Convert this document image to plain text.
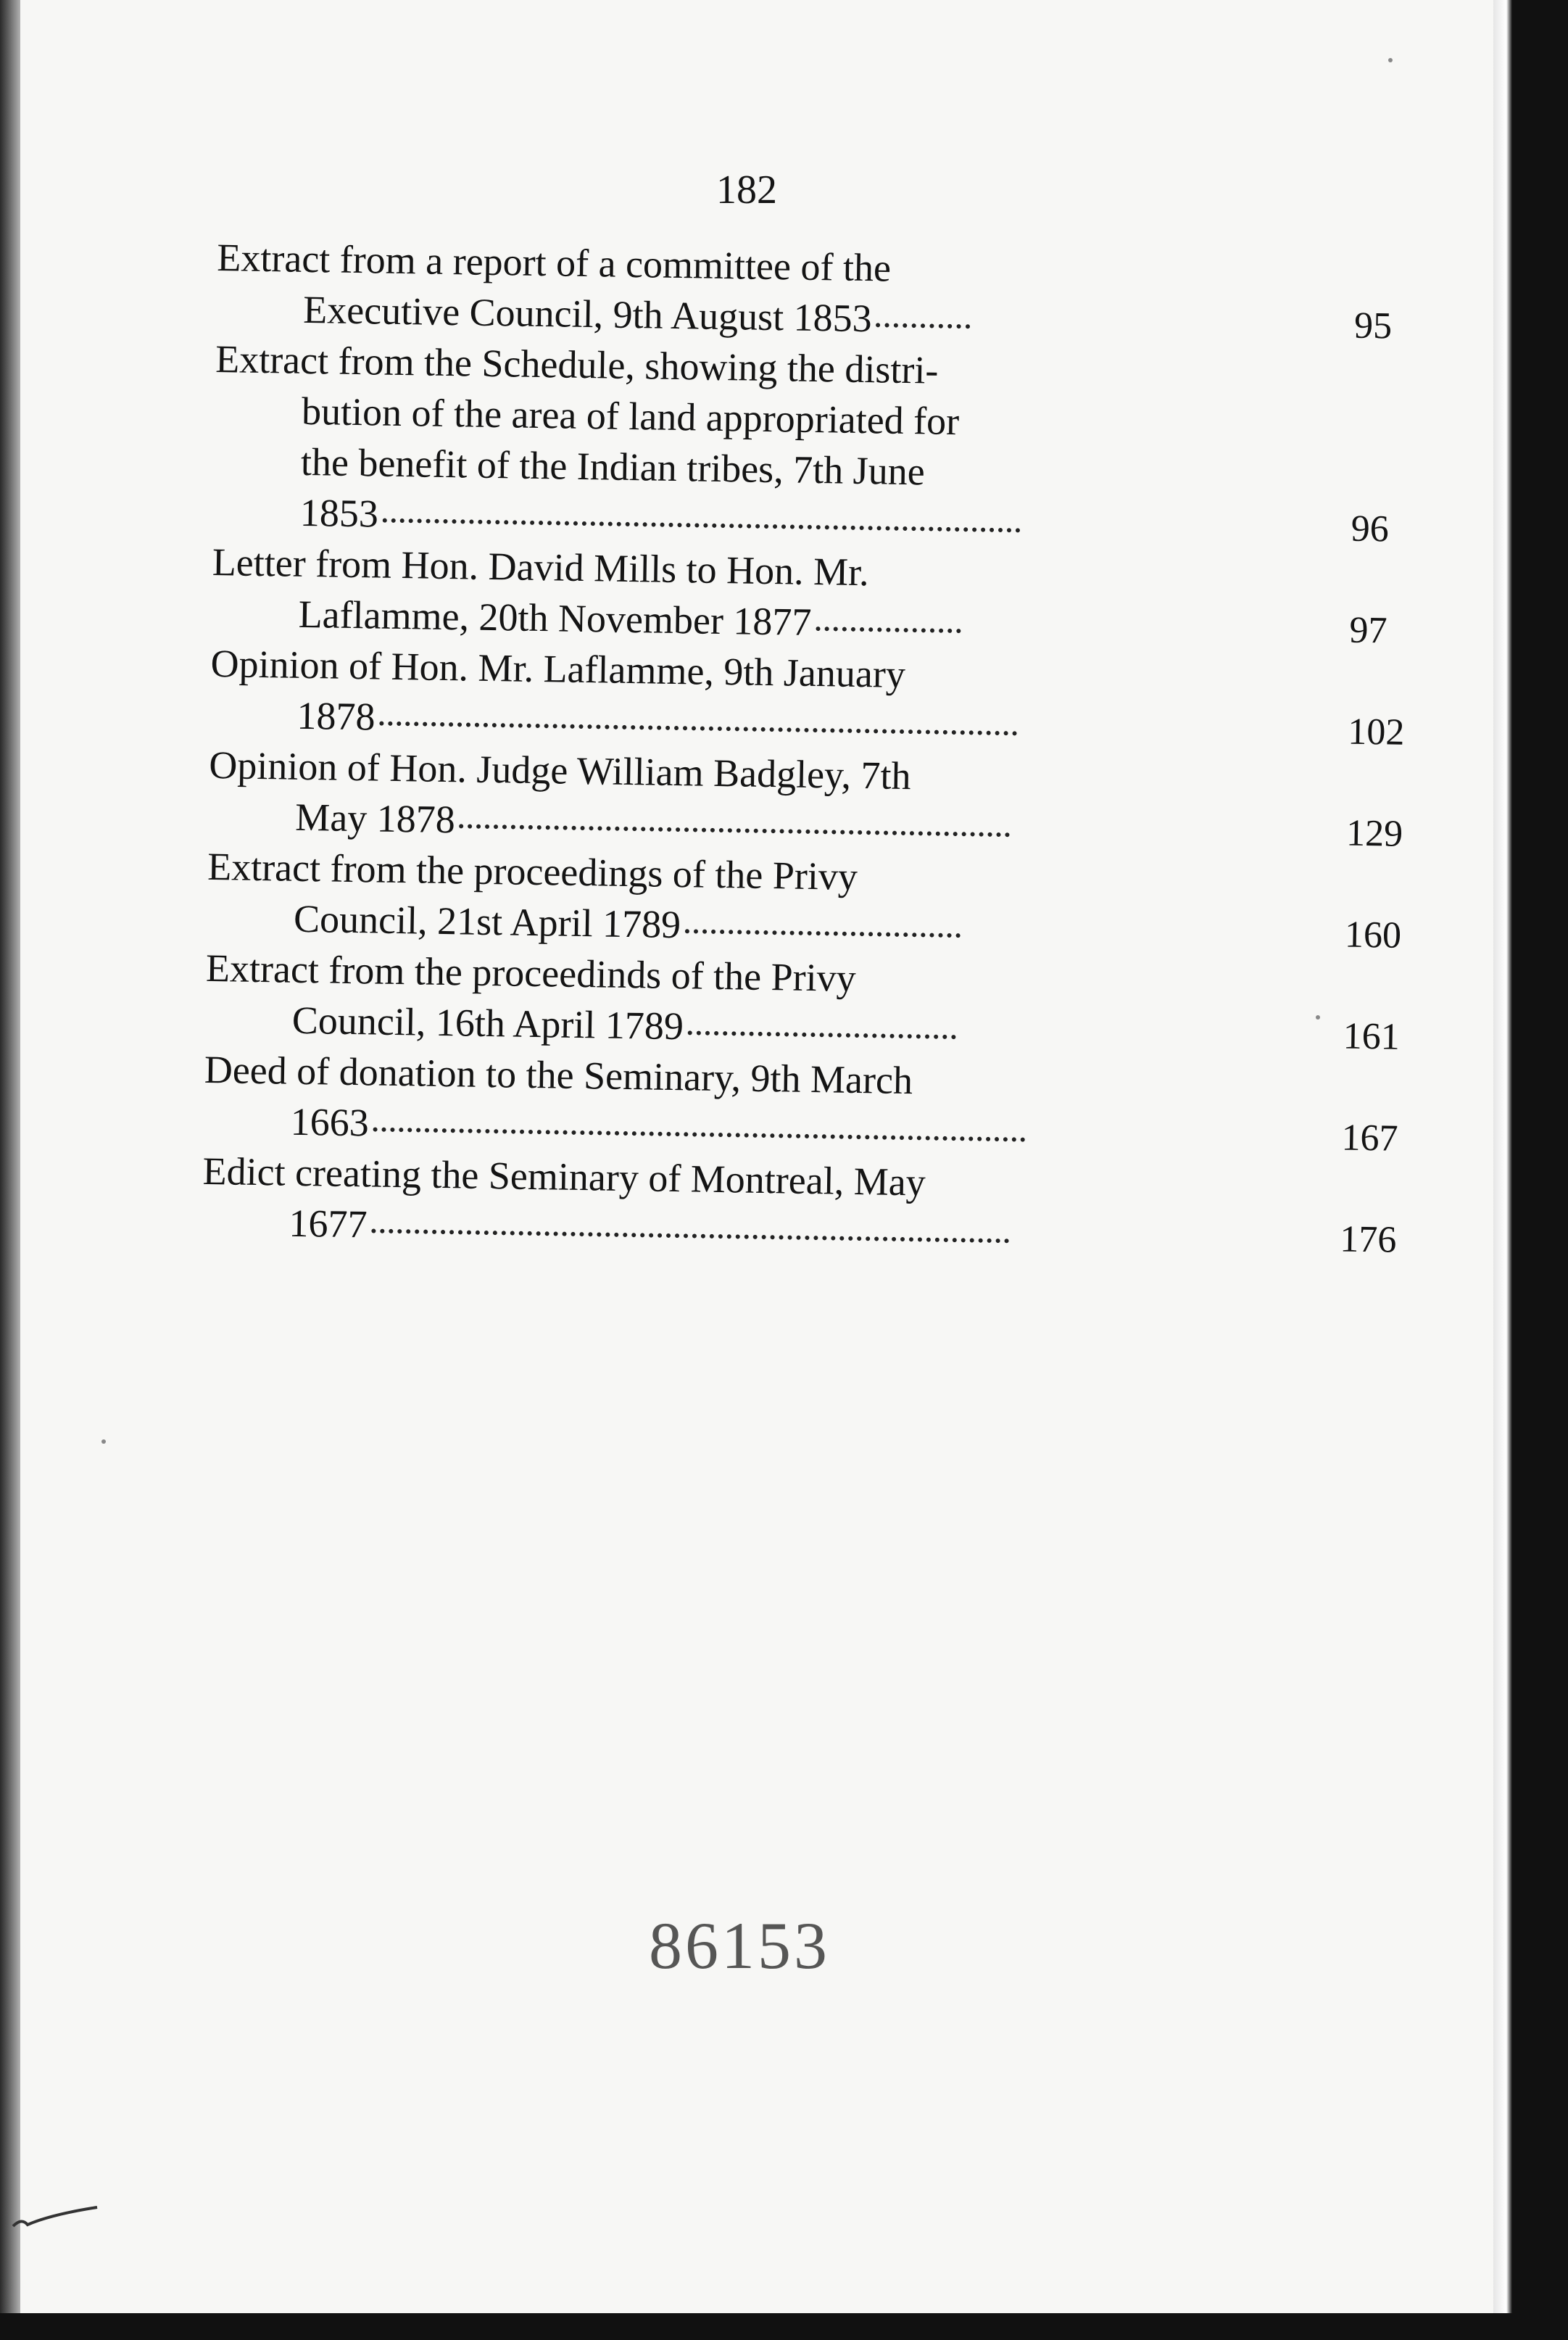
182
Extract from a report of a committee of the
Executive Council, 9th August 1853	95
Extract from the Schedule, showing the distri-
bution of the area of land appropriated for
the benefit of the Indian tribes, 7th June
1853	96
Letter from Hon. David Mills to Hon. Mr.
Laflamme, 20th November 1877	97
Opinion of Hon. Mr. Laflamme, 9th January
1878	102
Opinion of Hon. Judge William Badgley, 7th
May 1878	129
Extract from the proceedings of the Privy
Council, 21st April 1789	160
Extract from the proceedinds of the Privy
Council, 16th April 1789	161
Deed of donation to the Seminary, 9th March
1663	167
Edict creating the Seminary of Montreal, May
1677	176
86153
